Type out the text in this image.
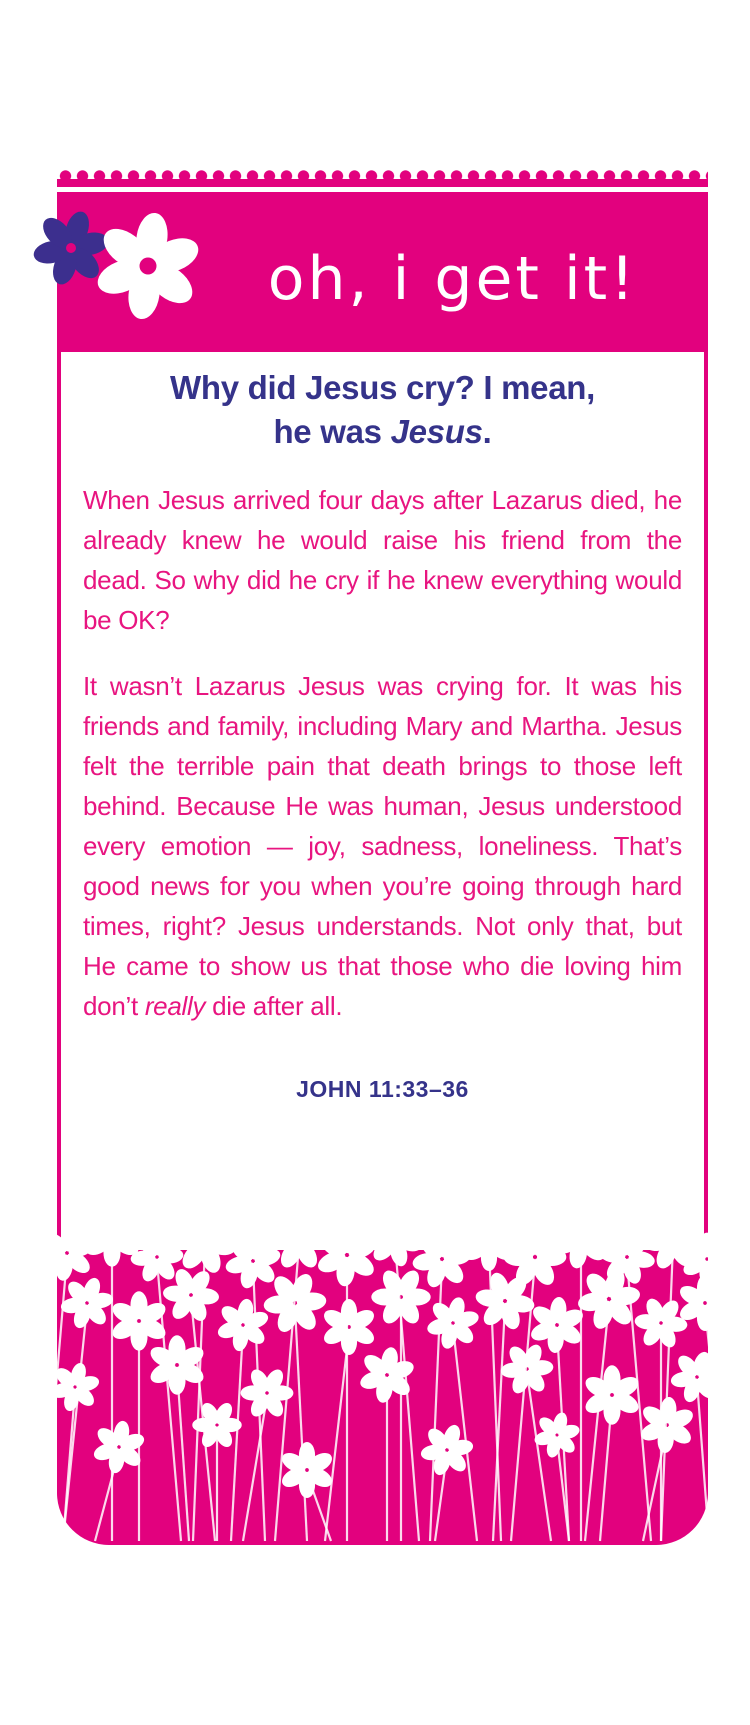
oh, i get it!
Why did Jesus cry? I mean,
he was Jesus.

When Jesus arrived four days after Lazarus died, he already knew he would raise his friend from the dead. So why did he cry if he knew everything would be OK?

It wasn’t Lazarus Jesus was crying for. It was his friends and family, including Mary and Martha. Jesus felt the terrible pain that death brings to those left behind. Because He was human, Jesus understood every emotion — joy, sadness, loneliness. That’s good news for you when you’re going through hard times, right? Jesus understands. Not only that, but He came to show us that those who die loving him don’t really die after all.

JOHN 11:33–36
